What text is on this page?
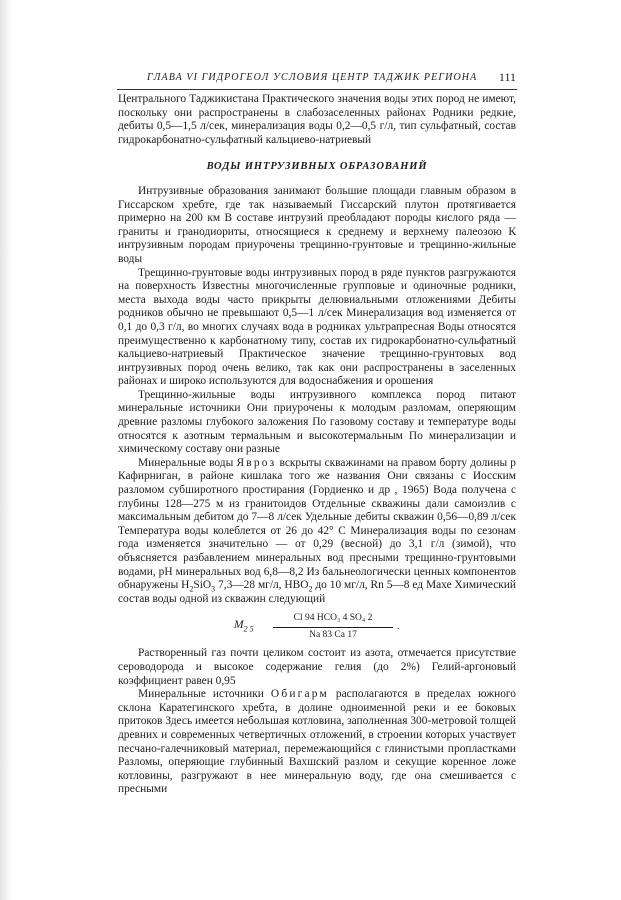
ГЛАВА VI ГИДРОГЕОЛ УСЛОВИЯ ЦЕНТР ТАДЖИК РЕГИОНА 111

Центрального Таджикистана Практического значения воды этих пород не имеют, поскольку они распространены в слабозаселенных районах Родники редкие, дебиты 0,5—1,5 л/сек, минерализация воды 0,2—0,5 г/л, тип сульфатный, состав гидрокарбонатно-сульфатный кальциево-натриевый

ВОДЫ ИНТРУЗИВНЫХ ОБРАЗОВАНИЙ

Интрузивные образования занимают большие площади главным образом в Гиссарском хребте, где так называемый Гиссарский плутон протягивается примерно на 200 км В составе интрузий преобладают породы кислого ряда — граниты и гранодиориты, относящиеся к среднему и верхнему палеозою К интрузивным породам приурочены трещинно-грунтовые и трещинно-жильные воды

Трещинно-грунтовые воды интрузивных пород в ряде пунктов разгружаются на поверхность Известны многочисленные групповые и одиночные родники, места выхода воды часто прикрыты делювиальными отложениями Дебиты родников обычно не превышают 0,5—1 л/сек Минерализация вод изменяется от 0,1 до 0,3 г/л, во многих случаях вода в родниках ультрапресная Воды относятся преимущественно к карбонатному типу, состав их гидрокарбонатно-сульфатный кальциево-натриевый Практическое значение трещинно-грунтовых вод интрузивных пород очень велико, так как они распространены в заселенных районах и широко используются для водоснабжения и орошения

Трещинно-жильные воды интрузивного комплекса пород питают минеральные источники Они приурочены к молодым разломам, оперяющим древние разломы глубокого заложения По газовому составу и температуре воды относятся к азотным термальным и высокотермальным По минерализации и химическому составу они разные

Минеральные воды Явроз вскрыты скважинами на правом борту долины р Кафирниган, в районе кишлака того же названия Они связаны с Иосским разломом субширотного простирания (Гордиенко и др , 1965) Вода получена с глубины 128—275 м из гранитоидов Отдельные скважины дали самоизлив с максимальным дебитом до 7—8 л/сек Удельные дебиты скважин 0,56—0,89 л/сек Температура воды колеблется от 26 до 42° С Минерализация воды по сезонам года изменяется значительно — от 0,29 (весной) до 3,1 г/л (зимой), что объясняется разбавлением минеральных вод пресными трещинно-грунтовыми водами, pH минеральных вод 6,8—8,2 Из бальнеологически ценных компонентов обнаружены $H_2SiO_3$ 7,3—28 мг/л, $HBO_2$ до 10 мг/л, Rn 5—8 ед Махе Химический состав воды одной из скважин следующий

$M_{2 5}$
Cl 94 HCO₃ 4 SO₄ 2
Na 83 Ca 17
.

Растворенный газ почти целиком состоит из азота, отмечается присутствие сероводорода и высокое содержание гелия (до 2%) Гелий-аргоновый коэффициент равен 0,95

Минеральные источники Обигарм располагаются в пределах южного склона Каратегинского хребта, в долине одноименной реки и ее боковых притоков Здесь имеется небольшая котловина, заполненная 300-метровой толщей древних и современных четвертичных отложений, в строении которых участвует песчано-галечниковый материал, перемежающийся с глинистыми пропластками Разломы, оперяющие глубинный Вахшский разлом и секущие коренное ложе котловины, разгружают в нее минеральную воду, где она смешивается с пресными
